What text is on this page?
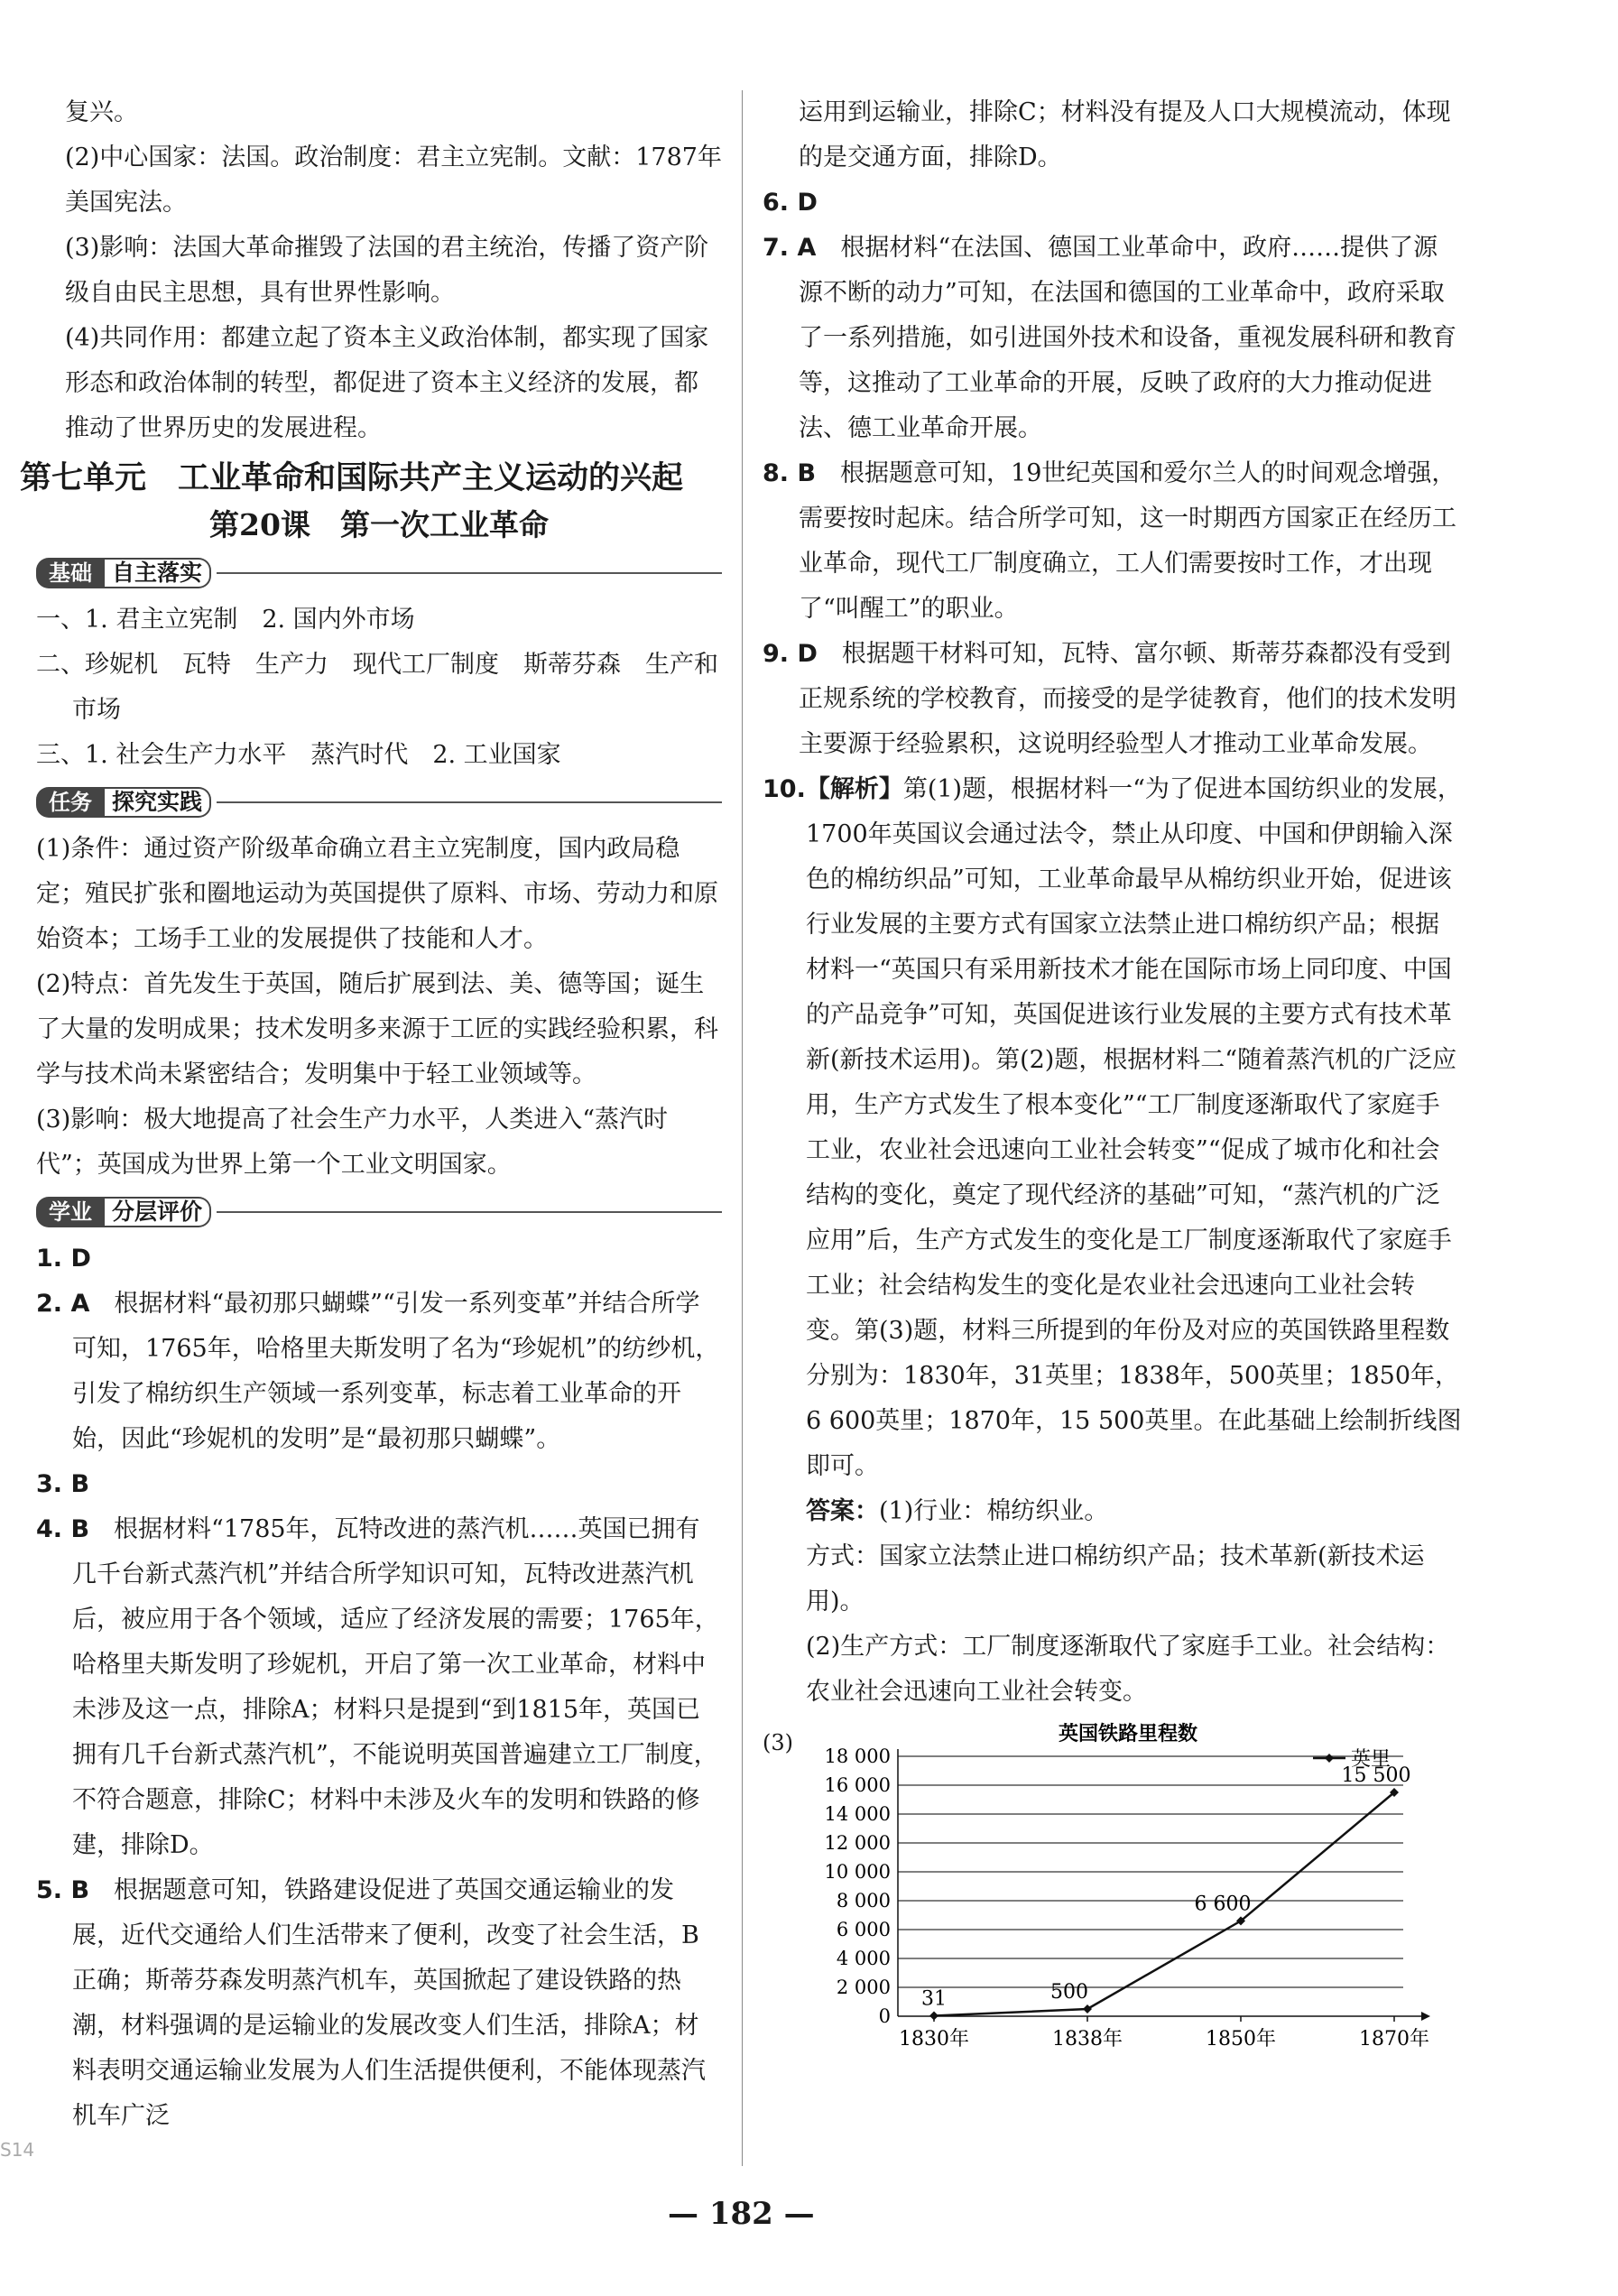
复兴。

(2)中心国家：法国。政治制度：君主立宪制。文献：1787年美国宪法。

(3)影响：法国大革命摧毁了法国的君主统治，传播了资产阶级自由民主思想，具有世界性影响。

(4)共同作用：都建立起了资本主义政治体制，都实现了国家形态和政治体制的转型，都促进了资本主义经济的发展，都推动了世界历史的发展进程。

第七单元　工业革命和国际共产主义运动的兴起
第20课　第一次工业革命
基础 自主落实

一、1. 君主立宪制　2. 国内外市场

二、珍妮机　瓦特　生产力　现代工厂制度　斯蒂芬森　生产和市场

三、1. 社会生产力水平　蒸汽时代　2. 工业国家

任务 探究实践

(1)条件：通过资产阶级革命确立君主立宪制度，国内政局稳定；殖民扩张和圈地运动为英国提供了原料、市场、劳动力和原始资本；工场手工业的发展提供了技能和人才。

(2)特点：首先发生于英国，随后扩展到法、美、德等国；诞生了大量的发明成果；技术发明多来源于工匠的实践经验积累，科学与技术尚未紧密结合；发明集中于轻工业领域等。

(3)影响：极大地提高了社会生产力水平，人类进入“蒸汽时代”；英国成为世界上第一个工业文明国家。

学业 分层评价

1. D

2. A　 根据材料“最初那只蝴蝶”“引发一系列变革”并结合所学可知，1765年，哈格里夫斯发明了名为“珍妮机”的纺纱机，引发了棉纺织生产领域一系列变革，标志着工业革命的开始，因此“珍妮机的发明”是“最初那只蝴蝶”。

3. B

4. B　 根据材料“1785年，瓦特改进的蒸汽机……英国已拥有几千台新式蒸汽机”并结合所学知识可知，瓦特改进蒸汽机后，被应用于各个领域，适应了经济发展的需要；1765年，哈格里夫斯发明了珍妮机，开启了第一次工业革命，材料中未涉及这一点，排除A；材料只是提到“到1815年，英国已拥有几千台新式蒸汽机”，不能说明英国普遍建立工厂制度，不符合题意，排除C；材料中未涉及火车的发明和铁路的修建，排除D。

5. B　 根据题意可知，铁路建设促进了英国交通运输业的发展，近代交通给人们生活带来了便利，改变了社会生活，B正确；斯蒂芬森发明蒸汽机车，英国掀起了建设铁路的热潮，材料强调的是运输业的发展改变人们生活，排除A；材料表明交通运输业发展为人们生活提供便利，不能体现蒸汽机车广泛

运用到运输业，排除C；材料没有提及人口大规模流动，体现的是交通方面，排除D。

6. D

7. A　 根据材料“在法国、德国工业革命中，政府……提供了源源不断的动力”可知，在法国和德国的工业革命中，政府采取了一系列措施，如引进国外技术和设备，重视发展科研和教育等，这推动了工业革命的开展，反映了政府的大力推动促进法、德工业革命开展。

8. B　 根据题意可知，19世纪英国和爱尔兰人的时间观念增强，需要按时起床。结合所学可知，这一时期西方国家正在经历工业革命，现代工厂制度确立，工人们需要按时工作，才出现了“叫醒工”的职业。

9. D　 根据题干材料可知，瓦特、富尔顿、斯蒂芬森都没有受到正规系统的学校教育，而接受的是学徒教育，他们的技术发明主要源于经验累积，这说明经验型人才推动工业革命发展。

10.【解析】第(1)题，根据材料一“为了促进本国纺织业的发展，1700年英国议会通过法令，禁止从印度、中国和伊朗输入深色的棉纺织品”可知，工业革命最早从棉纺织业开始，促进该行业发展的主要方式有国家立法禁止进口棉纺织产品；根据材料一“英国只有采用新技术才能在国际市场上同印度、中国的产品竞争”可知，英国促进该行业发展的主要方式有技术革新(新技术运用)。第(2)题，根据材料二“随着蒸汽机的广泛应用，生产方式发生了根本变化”“工厂制度逐渐取代了家庭手工业，农业社会迅速向工业社会转变”“促成了城市化和社会结构的变化，奠定了现代经济的基础”可知，“蒸汽机的广泛应用”后，生产方式发生的变化是工厂制度逐渐取代了家庭手工业；社会结构发生的变化是农业社会迅速向工业社会转变。第(3)题，材料三所提到的年份及对应的英国铁路里程数分别为：1830年，31英里；1838年，500英里；1850年，6 600英里；1870年，15 500英里。在此基础上绘制折线图即可。

答案：(1)行业：棉纺织业。

方式：国家立法禁止进口棉纺织产品；技术革新(新技术运用)。

(2)生产方式：工厂制度逐渐取代了家庭手工业。社会结构：农业社会迅速向工业社会转变。

(3)	英国铁路里程数
0
2 000
4 000
6 000
8 000
10 000
12 000
14 000
16 000
18 000
1830年	1838年	1850年	1870年
31	500
6 600
15 500
英里
S14
— 182 —
